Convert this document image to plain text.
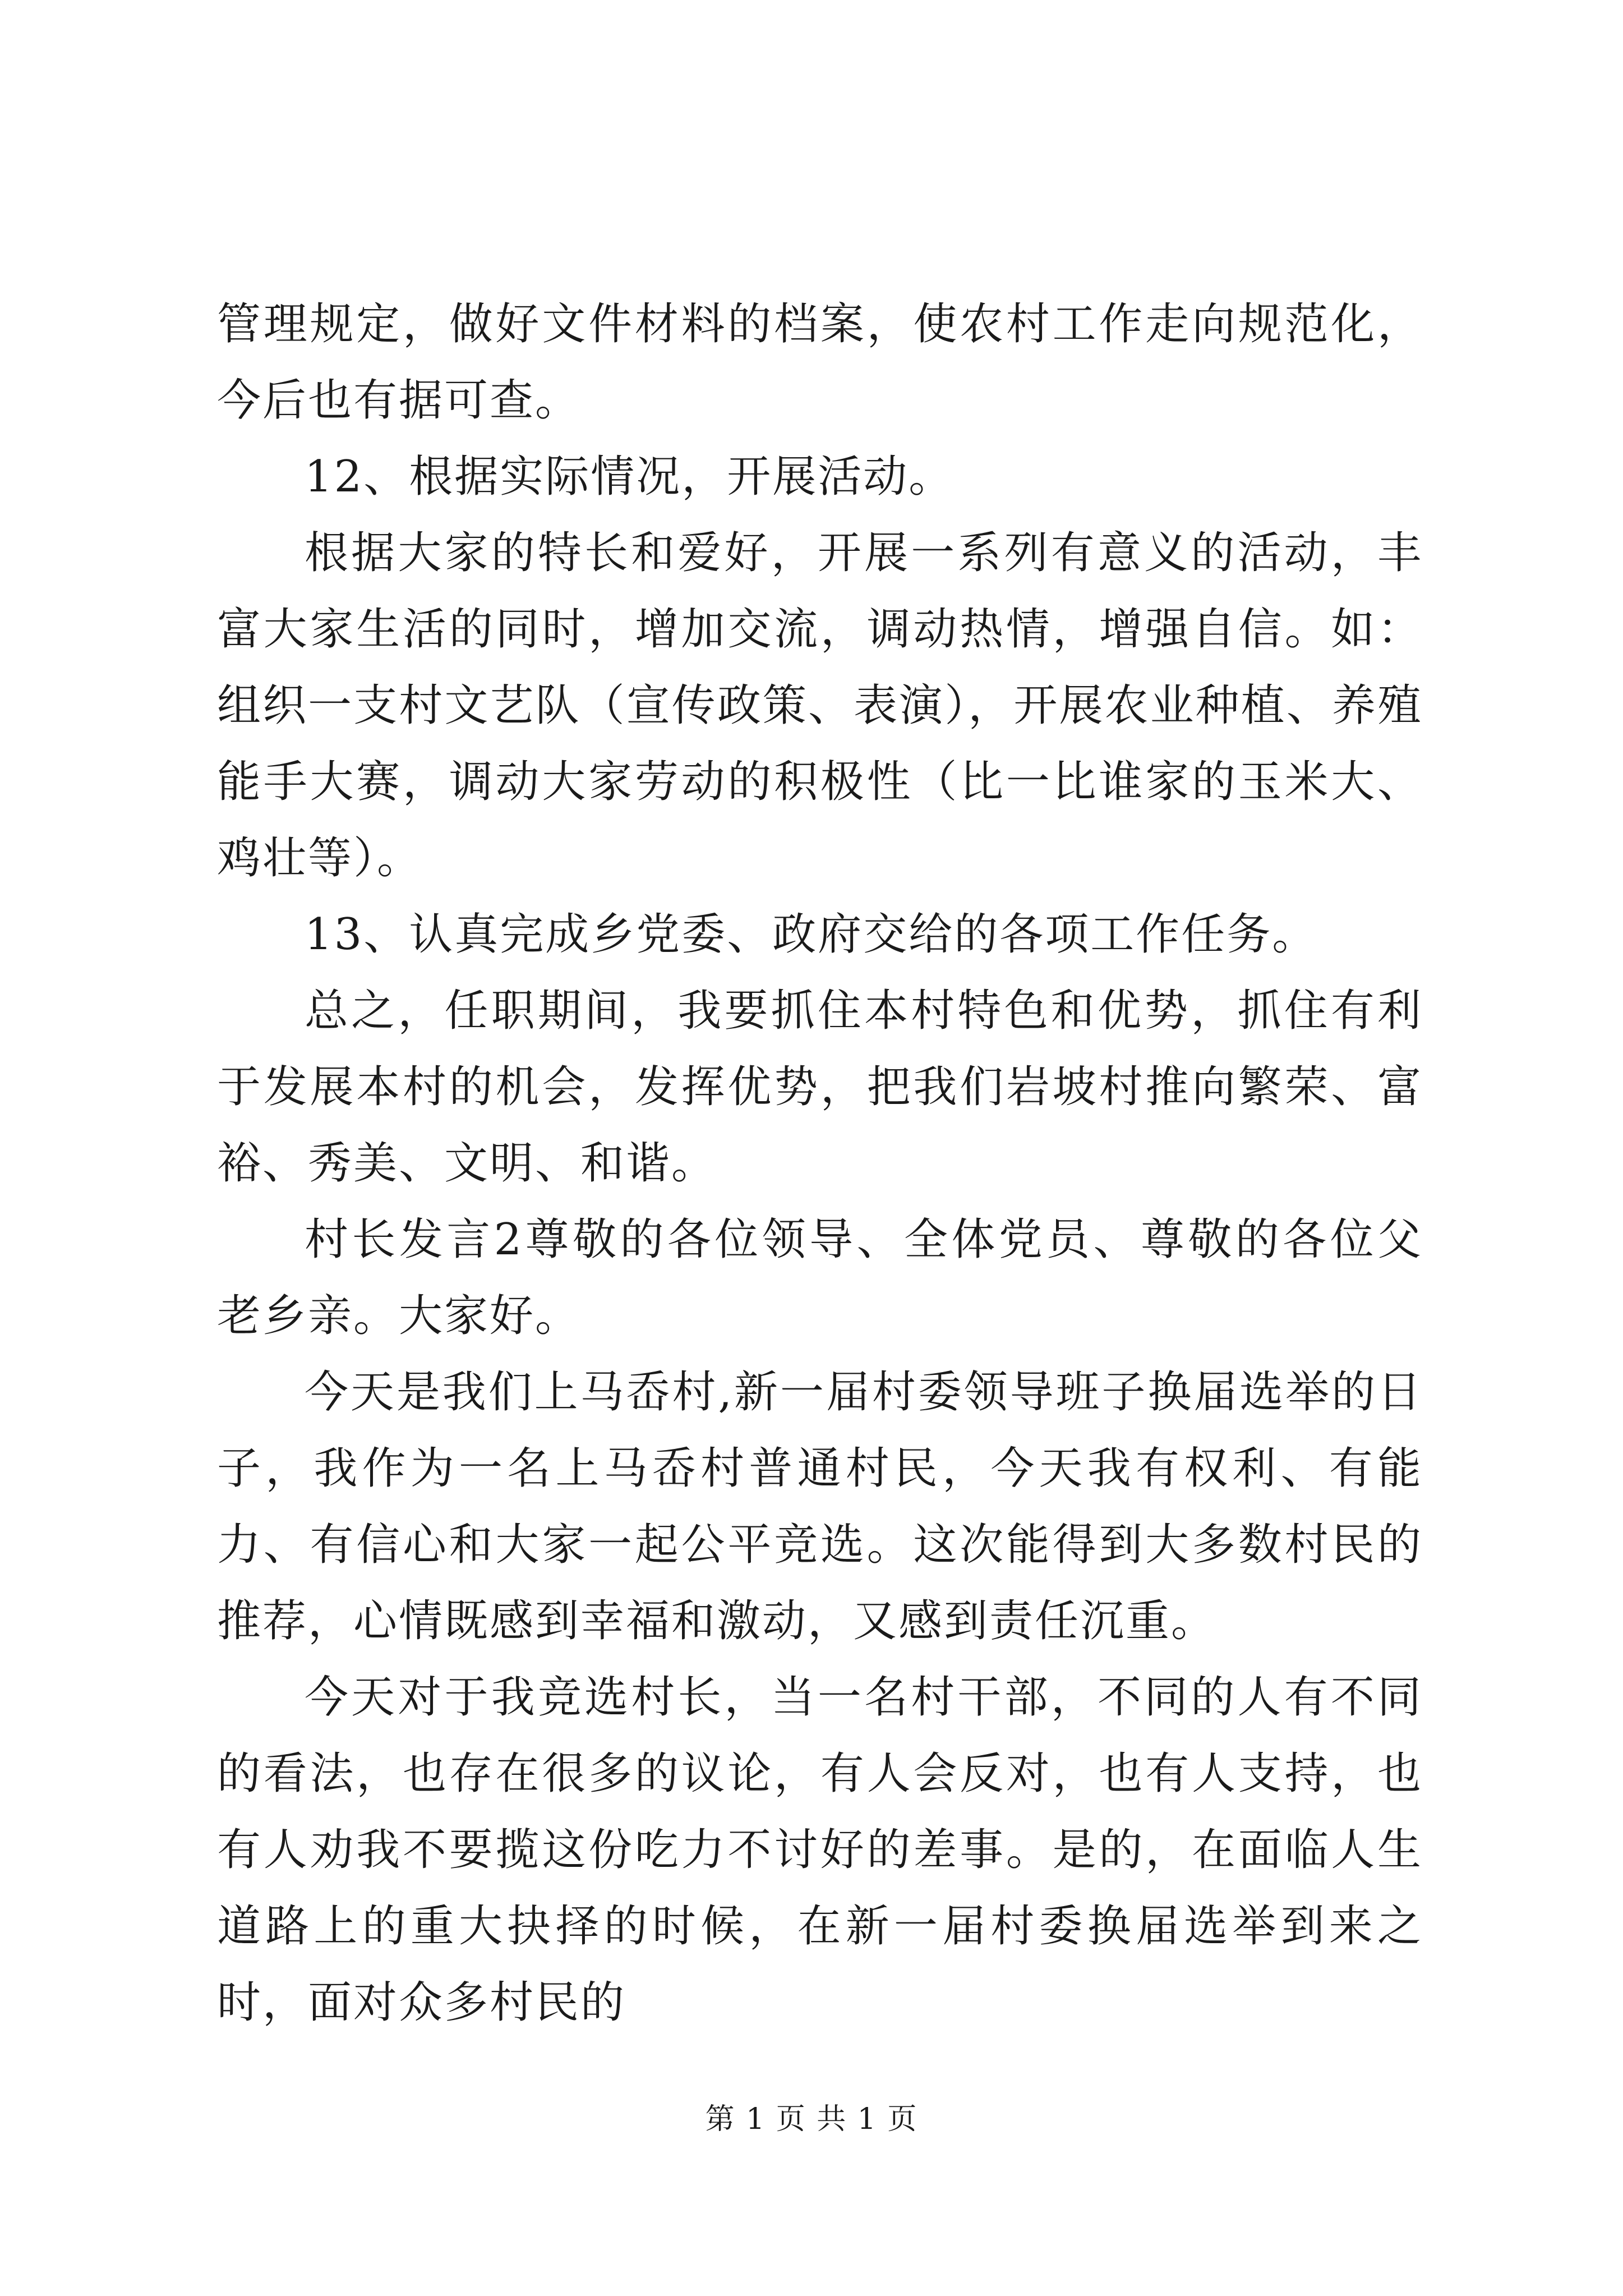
管理规定，做好文件材料的档案，使农村工作走向规范化，今后也有据可查。

12、根据实际情况，开展活动。

根据大家的特长和爱好，开展一系列有意义的活动，丰富大家生活的同时，增加交流，调动热情，增强自信。如：组织一支村文艺队（宣传政策、表演），开展农业种植、养殖能手大赛，调动大家劳动的积极性（比一比谁家的玉米大、鸡壮等）。

13、认真完成乡党委、政府交给的各项工作任务。

总之，任职期间，我要抓住本村特色和优势，抓住有利于发展本村的机会，发挥优势，把我们岩坡村推向繁荣、富裕、秀美、文明、和谐。

村长发言2尊敬的各位领导、全体党员、尊敬的各位父老乡亲。大家好。

今天是我们上马岙村,新一届村委领导班子换届选举的日子，我作为一名上马岙村普通村民，今天我有权利、有能力、有信心和大家一起公平竞选。这次能得到大多数村民的推荐，心情既感到幸福和激动，又感到责任沉重。

今天对于我竞选村长，当一名村干部，不同的人有不同的看法，也存在很多的议论，有人会反对，也有人支持，也有人劝我不要揽这份吃力不讨好的差事。是的，在面临人生道路上的重大抉择的时候，在新一届村委换届选举到来之时，面对众多村民的

第 1 页 共 1 页
